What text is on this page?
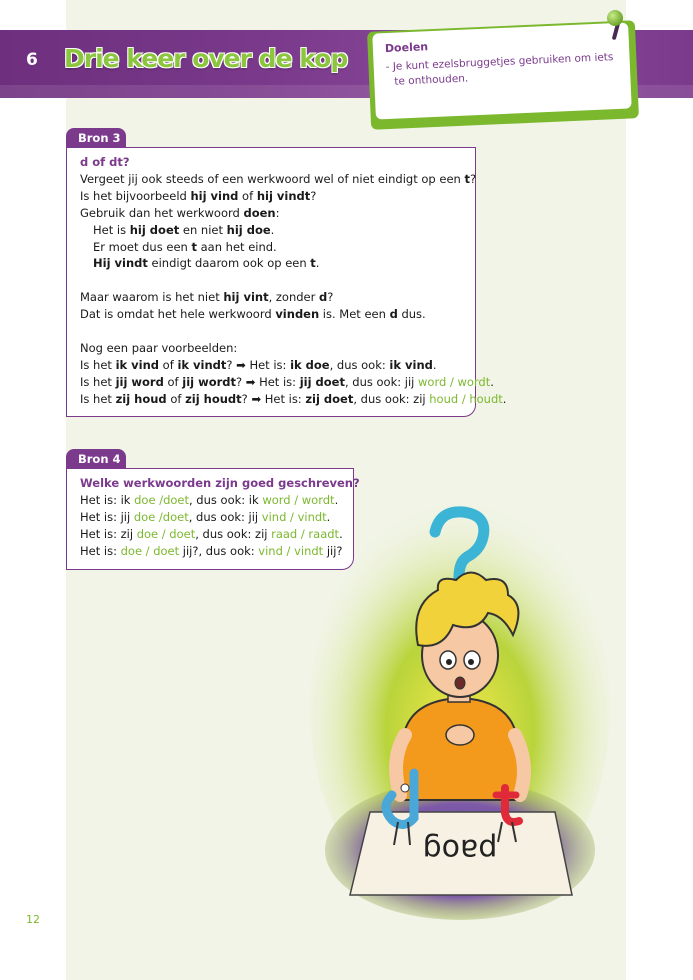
6 Drie keer over de kop	Doelen
- Je kunt ezelsbruggetjes gebruiken om iets
te onthouden.
Bron 3
d of dt?
Vergeet jij ook steeds of een werkwoord wel of niet eindigt op een t?
Is het bijvoorbeeld hij vind of hij vindt?
Gebruik dan het werkwoord doen:
Het is hij doet en niet hij doe.
Er moet dus een t aan het eind.
Hij vindt eindigt daarom ook op een t.
Maar waarom is het niet hij vint, zonder d?
Dat is omdat het hele werkwoord vinden is. Met een d dus.
Nog een paar voorbeelden:
Is het ik vind of ik vindt? ➡ Het is: ik doe, dus ook: ik vind.
Is het jij word of jij wordt? ➡ Het is: jij doet, dus ook: jij word / wordt.
Is het zij houd of zij houdt? ➡ Het is: zij doet, dus ook: zij houd / houdt.
Bron 4
Welke werkwoorden zijn goed geschreven?
Het is: ik doe /doet, dus ook: ik word / wordt.
Het is: jij doe /doet, dus ook: jij vind / vindt.
Het is: zij doe / doet, dus ook: zij raad / raadt.
Het is: doe / doet jij?, dus ook: vind / vindt jij?
paog
12
